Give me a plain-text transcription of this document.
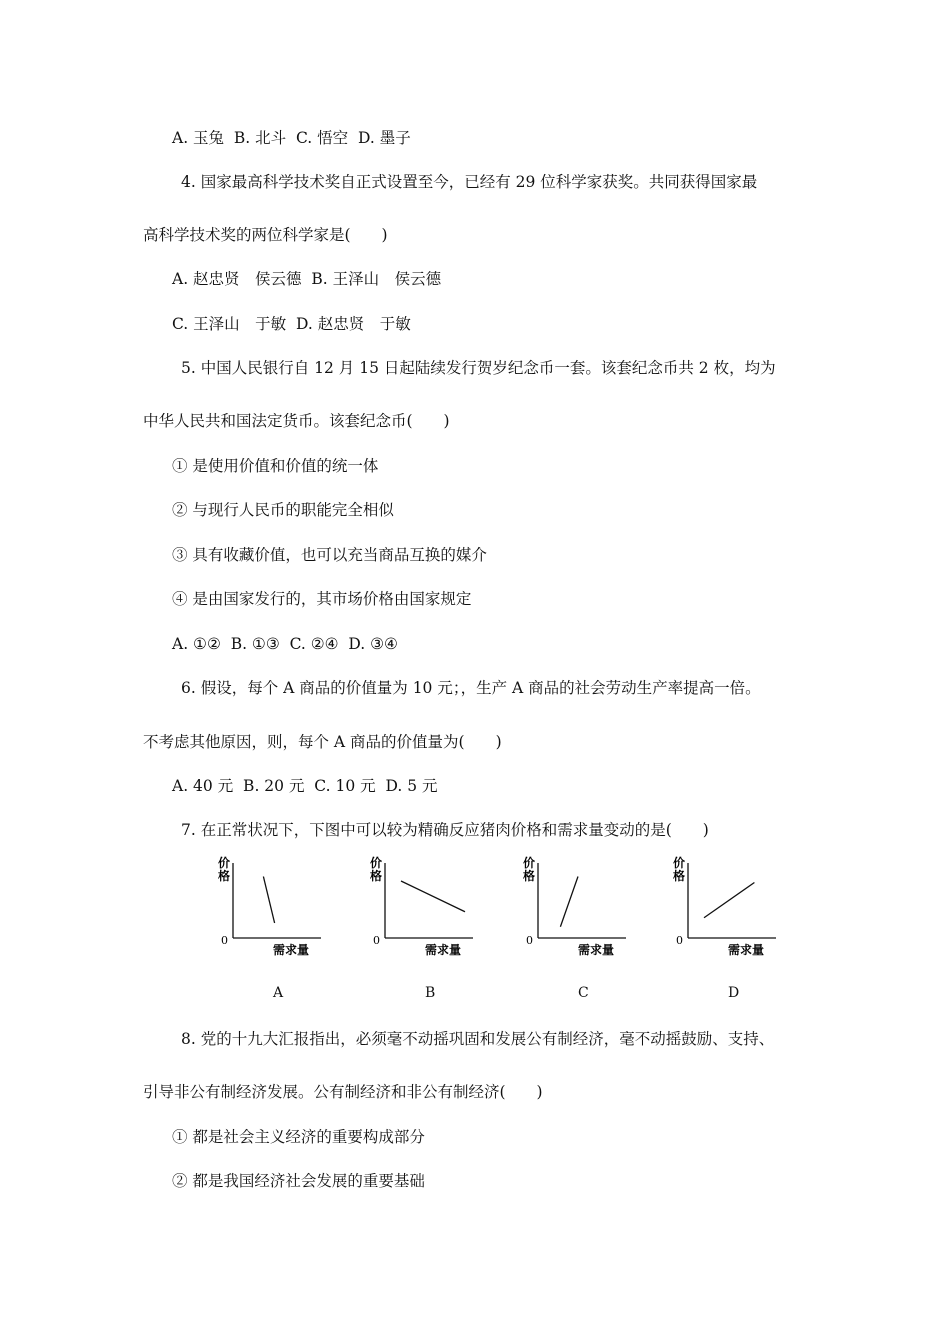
A. 玉兔  B. 北斗  C. 悟空  D. 墨子
4. 国家最高科学技术奖自正式设置至今，已经有 29 位科学家获奖。共同获得国家最
高科学技术奖的两位科学家是(　　)
A. 赵忠贤　侯云德  B. 王泽山　侯云德
C. 王泽山　于敏  D. 赵忠贤　于敏
5. 中国人民银行自 12 月 15 日起陆续发行贺岁纪念币一套。该套纪念币共 2 枚，均为
中华人民共和国法定货币。该套纪念币(　　)
① 是使用价值和价值的统一体
② 与现行人民币的职能完全相似
③ 具有收藏价值，也可以充当商品互换的媒介
④ 是由国家发行的，其市场价格由国家规定
A. ①②  B. ①③  C. ②④  D. ③④
6. 假设，每个 A 商品的价值量为 10 元；，生产 A 商品的社会劳动生产率提高一倍。
不考虑其他原因，则，每个 A 商品的价值量为(　　)
A. 40 元  B. 20 元  C. 10 元  D. 5 元
7. 在正常状况下，下图中可以较为精确反应猪肉价格和需求量变动的是(　　)
价
格
需求量
0
A
价
格
需求量
0
B
价
格
需求量
0
C
价
格
需求量
0
D
8. 党的十九大汇报指出，必须毫不动摇巩固和发展公有制经济，毫不动摇鼓励、支持、
引导非公有制经济发展。公有制经济和非公有制经济(　　)
① 都是社会主义经济的重要构成部分
② 都是我国经济社会发展的重要基础
